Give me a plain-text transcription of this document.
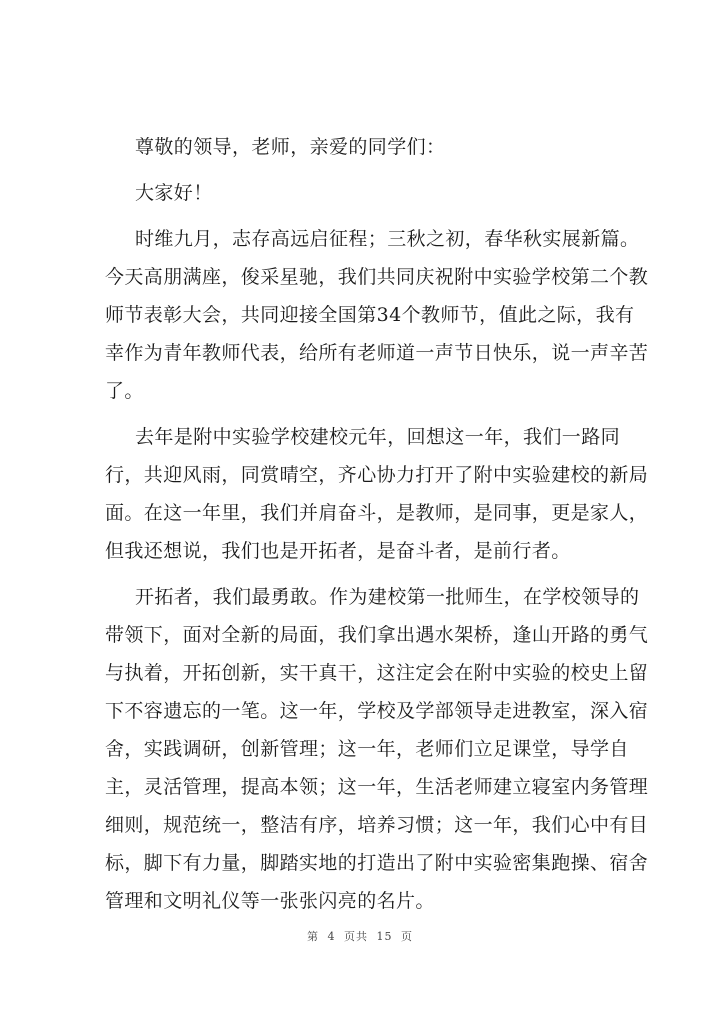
尊敬的领导，老师，亲爱的同学们：
大家好！
时维九月，志存高远启征程；三秋之初，春华秋实展新篇。
今天高朋满座，俊采星驰，我们共同庆祝附中实验学校第二个教
师节表彰大会，共同迎接全国第34个教师节，值此之际，我有
幸作为青年教师代表，给所有老师道一声节日快乐，说一声辛苦
了。
去年是附中实验学校建校元年，回想这一年，我们一路同
行，共迎风雨，同赏晴空，齐心协力打开了附中实验建校的新局
面。在这一年里，我们并肩奋斗，是教师，是同事，更是家人，
但我还想说，我们也是开拓者，是奋斗者，是前行者。
开拓者，我们最勇敢。作为建校第一批师生，在学校领导的
带领下，面对全新的局面，我们拿出遇水架桥，逢山开路的勇气
与执着，开拓创新，实干真干，这注定会在附中实验的校史上留
下不容遗忘的一笔。这一年，学校及学部领导走进教室，深入宿
舍，实践调研，创新管理；这一年，老师们立足课堂，导学自
主，灵活管理，提高本领；这一年，生活老师建立寝室内务管理
细则，规范统一，整洁有序，培养习惯；这一年，我们心中有目
标，脚下有力量，脚踏实地的打造出了附中实验密集跑操、宿舍
管理和文明礼仪等一张张闪亮的名片。
第 4 页共 15 页
